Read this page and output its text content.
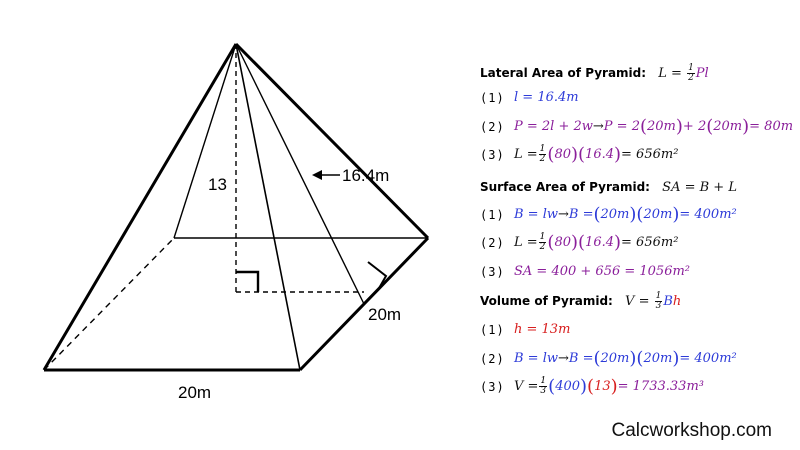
13	16.4m
20m
20m
Lateral Area of Pyramid: $L = \frac{1}{2}$ Pl
(1) l = 16.4m
(2) P = 2l + 2w → P = 2 ( 20m ) + 2 ( 20m ) = 80m
(3) $L = \frac{1}{2}$ ( 80 ) ( 16.4 ) = 656m²
Surface Area of Pyramid: SA = B + L
(1) B = lw → B = ( 20m ) ( 20m ) = 400m²
(2) $L = \frac{1}{2}$ ( 80 ) ( 16.4 ) = 656m²
(3) SA = 400 + 656 = 1056m²
Volume of Pyramid: $V = \frac{1}{3}$ Bh
(1) h = 13m
(2) B = lw → B = ( 20m ) ( 20m ) = 400m²
(3) $V = \frac{1}{3}$ ( 400 ) ( 13 ) = 1733.33m³
Calcworkshop.com
